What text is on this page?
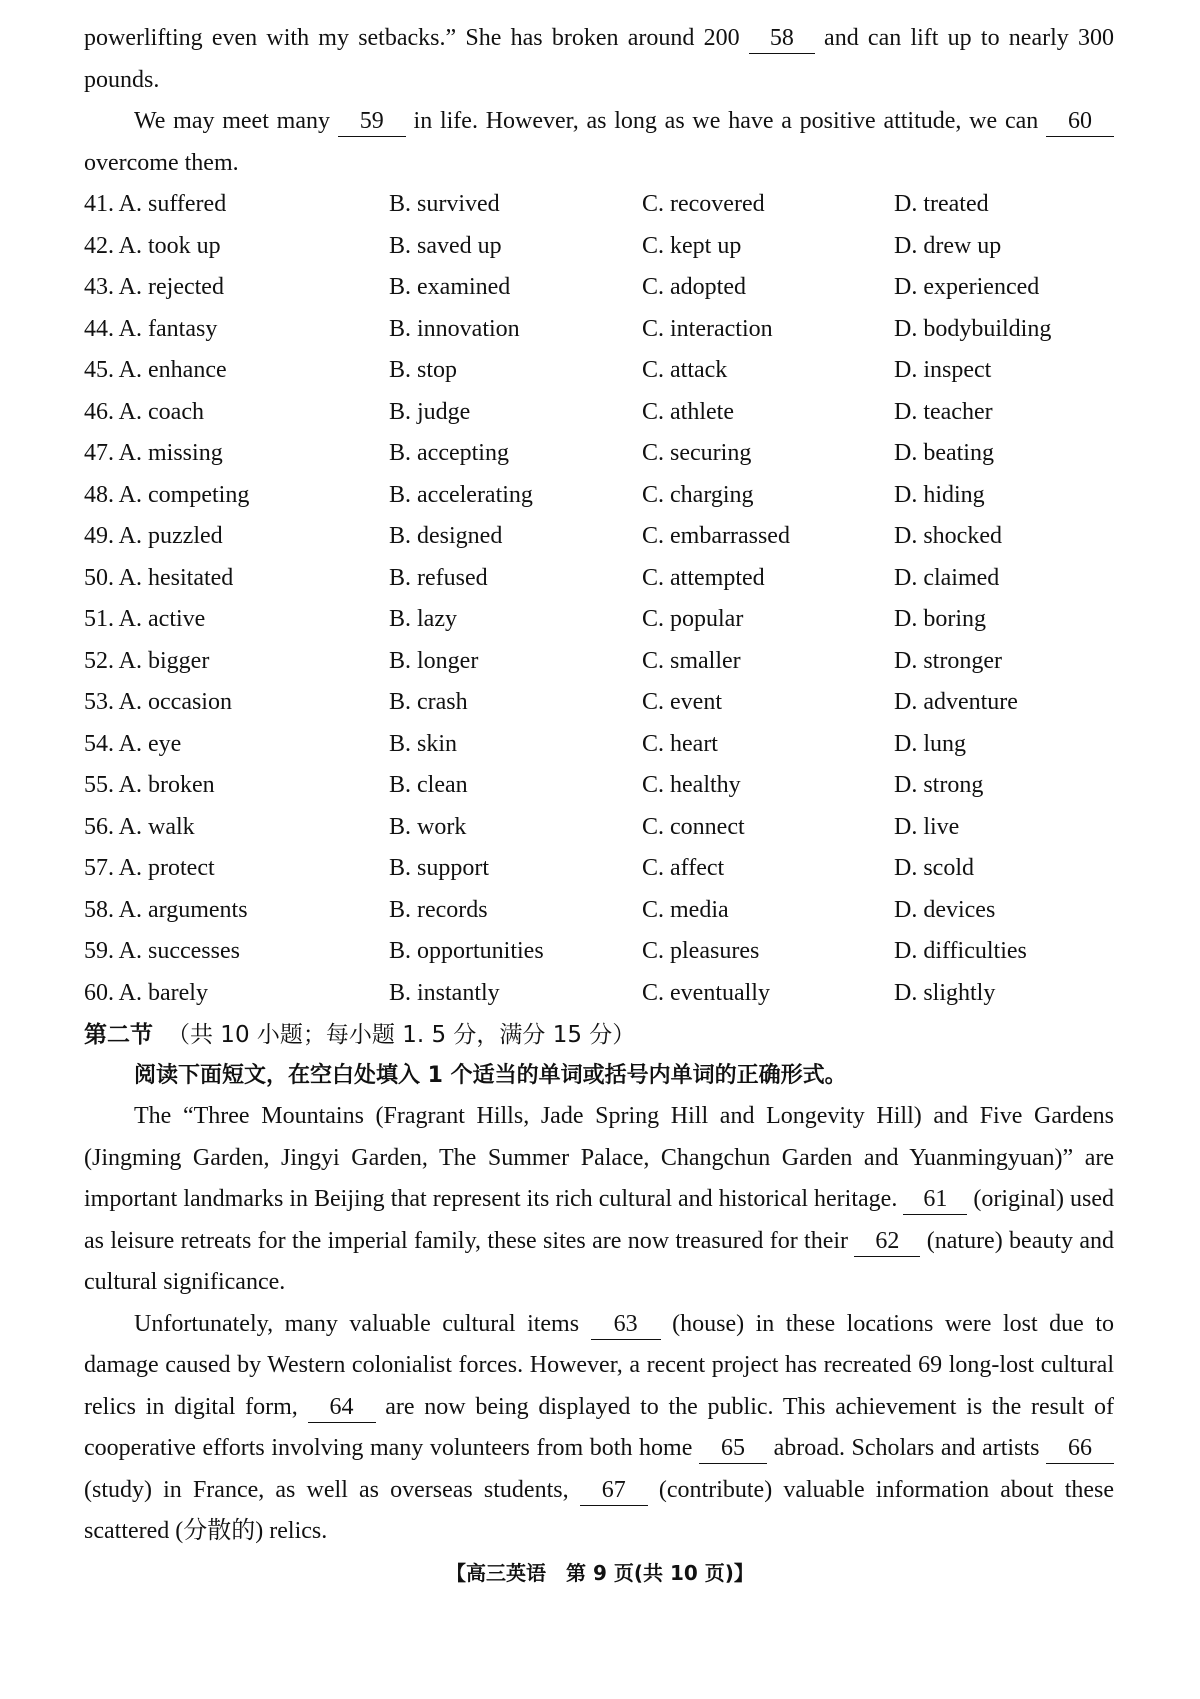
powerlifting even with my setbacks.” She has broken around 200 58 and can lift up to nearly 300 pounds.

We may meet many 59 in life. However, as long as we have a positive attitude, we can 60 overcome them.

41. A. suffered	B. survived	C. recovered	D. treated
42. A. took up	B. saved up	C. kept up	D. drew up
43. A. rejected	B. examined	C. adopted	D. experienced
44. A. fantasy	B. innovation	C. interaction	D. bodybuilding
45. A. enhance	B. stop	C. attack	D. inspect
46. A. coach	B. judge	C. athlete	D. teacher
47. A. missing	B. accepting	C. securing	D. beating
48. A. competing	B. accelerating	C. charging	D. hiding
49. A. puzzled	B. designed	C. embarrassed	D. shocked
50. A. hesitated	B. refused	C. attempted	D. claimed
51. A. active	B. lazy	C. popular	D. boring
52. A. bigger	B. longer	C. smaller	D. stronger
53. A. occasion	B. crash	C. event	D. adventure
54. A. eye	B. skin	C. heart	D. lung
55. A. broken	B. clean	C. healthy	D. strong
56. A. walk	B. work	C. connect	D. live
57. A. protect	B. support	C. affect	D. scold
58. A. arguments	B. records	C. media	D. devices
59. A. successes	B. opportunities	C. pleasures	D. difficulties
60. A. barely	B. instantly	C. eventually	D. slightly

第二节 （共 10 小题；每小题 1. 5 分，满分 15 分）

阅读下面短文，在空白处填入 1 个适当的单词或括号内单词的正确形式。

The “Three Mountains (Fragrant Hills, Jade Spring Hill and Longevity Hill) and Five Gardens (Jingming Garden, Jingyi Garden, The Summer Palace, Changchun Garden and Yuanmingyuan)” are important landmarks in Beijing that represent its rich cultural and historical heritage. 61 (original) used as leisure retreats for the imperial family, these sites are now treasured for their 62 (nature) beauty and cultural significance.

Unfortunately, many valuable cultural items 63 (house) in these locations were lost due to damage caused by Western colonialist forces. However, a recent project has recreated 69 long-lost cultural relics in digital form, 64 are now being displayed to the public. This achievement is the result of cooperative efforts involving many volunteers from both home 65 abroad. Scholars and artists 66 (study) in France, as well as overseas students, 67 (contribute) valuable information about these scattered (分散的) relics.

【高三英语　第 9 页(共 10 页)】
